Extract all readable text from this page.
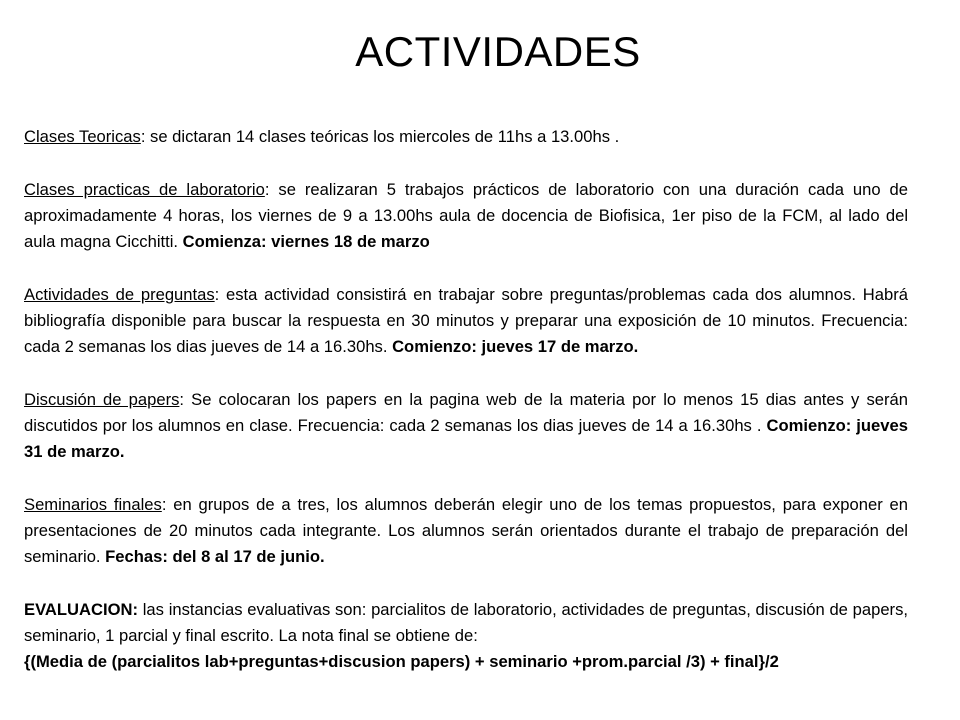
ACTIVIDADES

Clases Teoricas: se dictaran 14 clases teóricas los miercoles de 11hs a 13.00hs .

Clases practicas de laboratorio: se realizaran 5 trabajos prácticos de laboratorio con una duración cada uno de aproximadamente 4 horas, los viernes de 9 a 13.00hs aula de docencia de Biofisica, 1er piso de la FCM, al lado del aula magna Cicchitti. Comienza: viernes 18 de marzo

Actividades de preguntas: esta actividad consistirá en trabajar sobre preguntas/problemas cada dos alumnos. Habrá bibliografía disponible para buscar la respuesta en 30 minutos y preparar una exposición de 10 minutos. Frecuencia: cada 2 semanas los dias jueves de 14 a 16.30hs. Comienzo: jueves 17 de marzo.

Discusión de papers: Se colocaran los papers en la pagina web de la materia por lo menos 15 dias antes y serán discutidos por los alumnos en clase. Frecuencia: cada 2 semanas los dias jueves de 14 a 16.30hs . Comienzo: jueves 31 de marzo.

Seminarios finales: en grupos de a tres, los alumnos deberán elegir uno de los temas propuestos, para exponer en presentaciones de 20 minutos cada integrante. Los alumnos serán orientados durante el trabajo de preparación del seminario. Fechas: del 8 al 17 de junio.

EVALUACION: las instancias evaluativas son: parcialitos de laboratorio, actividades de preguntas, discusión de papers, seminario, 1 parcial y final escrito. La nota final se obtiene de:

{(Media de (parcialitos lab+preguntas+discusion papers) + seminario +prom.parcial /3) + final}/2
